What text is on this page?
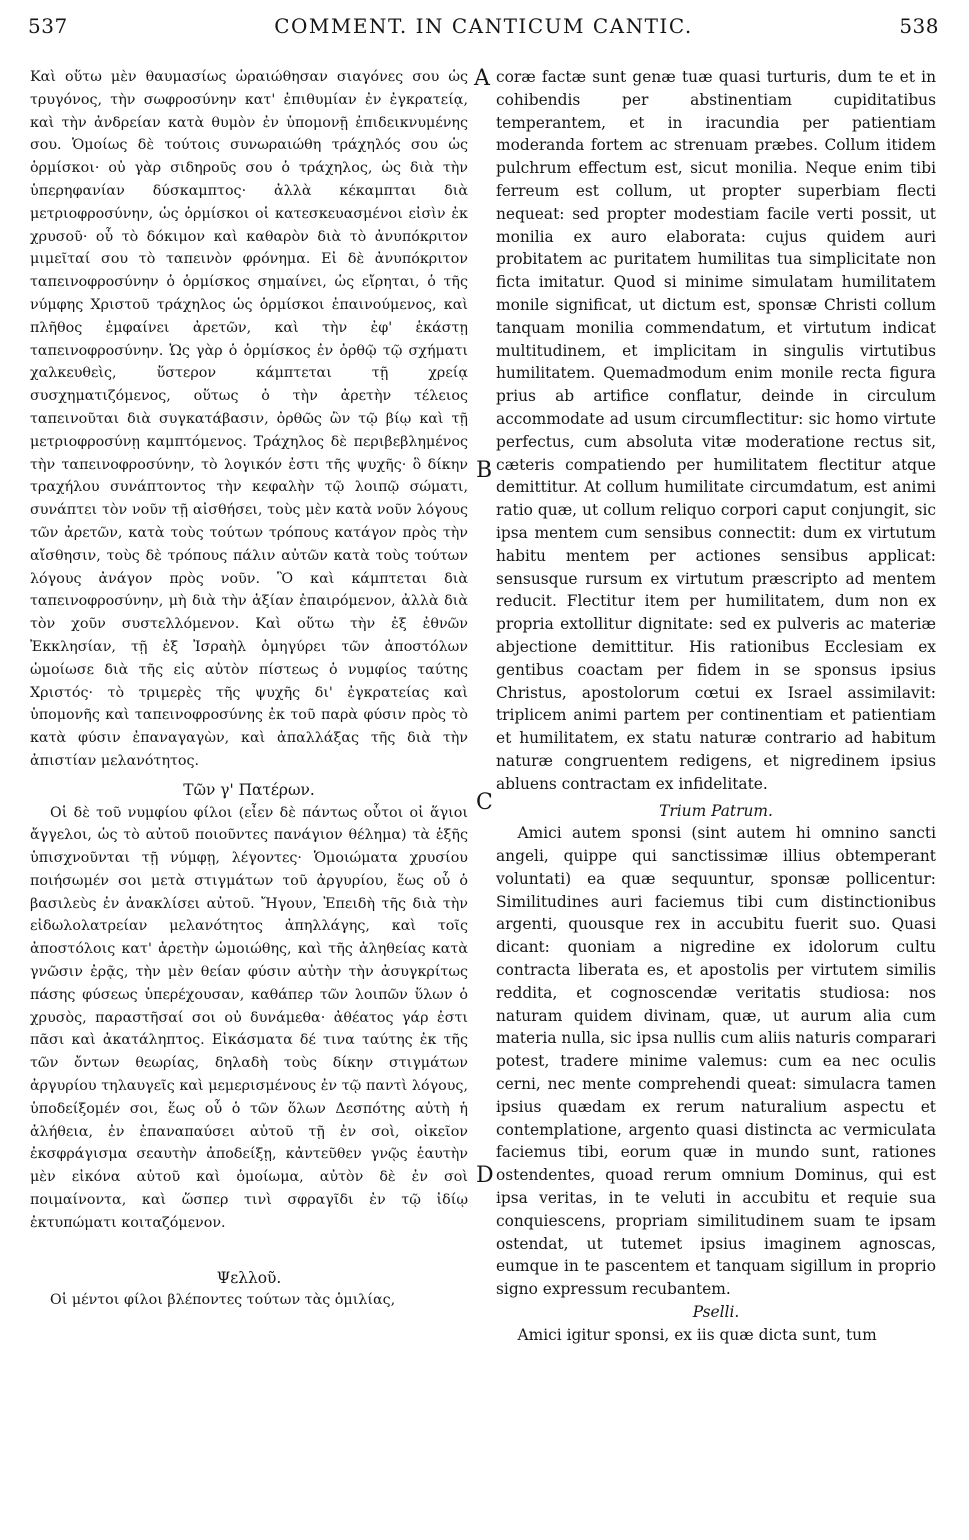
537	COMMENT. IN CANTICUM CANTIC.	538

Καὶ οὕτω μὲν θαυμασίως ὡραιώθησαν σιαγόνες σου ὡς τρυγόνος, τὴν σωφροσύνην κατ' ἐπιθυμίαν ἐν ἐγκρατείᾳ, καὶ τὴν ἀνδρείαν κατὰ θυμὸν ἐν ὑπομονῇ ἐπιδεικνυμένης σου. Ὁμοίως δὲ τούτοις συνωραιώθη τράχηλός σου ὡς ὁρμίσκοι· οὐ γὰρ σιδηροῦς σου ὁ τράχηλος, ὡς διὰ τὴν ὑπερηφανίαν δύσκαμπτος· ἀλλὰ κέκαμπται διὰ μετριοφροσύνην, ὡς ὁρμίσκοι οἱ κατεσκευασμένοι εἰσὶν ἐκ χρυσοῦ· οὗ τὸ δόκιμον καὶ καθαρὸν διὰ τὸ ἀνυπόκριτον μιμεῖταί σου τὸ ταπεινὸν φρόνημα. Εἰ δὲ ἀνυπόκριτον ταπεινοφροσύνην ὁ ὁρμίσκος σημαίνει, ὡς εἴρηται, ὁ τῆς νύμφης Χριστοῦ τράχηλος ὡς ὁρμίσκοι ἐπαινούμενος, καὶ πλῆθος ἐμφαίνει ἀρετῶν, καὶ τὴν ἐφ' ἑκάστῃ ταπεινοφροσύνην. Ὡς γὰρ ὁ ὁρμίσκος ἐν ὀρθῷ τῷ σχήματι χαλκευθεὶς, ὕστερον κάμπτεται τῇ χρείᾳ συσχηματιζόμενος, οὕτως ὁ τὴν ἀρετὴν τέλειος ταπεινοῦται διὰ συγκατάβασιν, ὀρθῶς ὢν τῷ βίῳ καὶ τῇ μετριοφροσύνῃ καμπτόμενος. Τράχηλος δὲ περιβεβλημένος τὴν ταπεινοφροσύνην, τὸ λογικόν ἐστι τῆς ψυχῆς· ὃ δίκην τραχήλου συνάπτοντος τὴν κεφαλὴν τῷ λοιπῷ σώματι, συνάπτει τὸν νοῦν τῇ αἰσθήσει, τοὺς μὲν κατὰ νοῦν λόγους τῶν ἀρετῶν, κατὰ τοὺς τούτων τρόπους κατάγον πρὸς τὴν αἴσθησιν, τοὺς δὲ τρόπους πάλιν αὐτῶν κατὰ τοὺς τούτων λόγους ἀνάγον πρὸς νοῦν. Ὃ καὶ κάμπτεται διὰ ταπεινοφροσύνην, μὴ διὰ τὴν ἀξίαν ἐπαιρόμενον, ἀλλὰ διὰ τὸν χοῦν συστελλόμενον. Καὶ οὕτω τὴν ἐξ ἐθνῶν Ἐκκλησίαν, τῇ ἐξ Ἰσραὴλ ὁμηγύρει τῶν ἀποστόλων ὡμοίωσε διὰ τῆς εἰς αὐτὸν πίστεως ὁ νυμφίος ταύτης Χριστός· τὸ τριμερὲς τῆς ψυχῆς δι' ἐγκρατείας καὶ ὑπομονῆς καὶ ταπεινοφροσύνης ἐκ τοῦ παρὰ φύσιν πρὸς τὸ κατὰ φύσιν ἐπαναγαγὼν, καὶ ἀπαλλάξας τῆς διὰ τὴν ἀπιστίαν μελανότητος.

Τῶν γ' Πατέρων.

Οἱ δὲ τοῦ νυμφίου φίλοι (εἶεν δὲ πάντως οὗτοι οἱ ἅγιοι ἄγγελοι, ὡς τὸ αὐτοῦ ποιοῦντες πανάγιον θέλημα) τὰ ἑξῆς ὑπισχνοῦνται τῇ νύμφῃ, λέγοντες· Ὁμοιώματα χρυσίου ποιήσωμέν σοι μετὰ στιγμάτων τοῦ ἀργυρίου, ἕως οὗ ὁ βασιλεὺς ἐν ἀνακλίσει αὐτοῦ. Ἤγουν, Ἐπειδὴ τῆς διὰ τὴν εἰδωλολατρείαν μελανότητος ἀπηλλάγης, καὶ τοῖς ἀποστόλοις κατ' ἀρετὴν ὡμοιώθης, καὶ τῆς ἀληθείας κατὰ γνῶσιν ἐρᾷς, τὴν μὲν θείαν φύσιν αὐτὴν τὴν ἀσυγκρίτως πάσης φύσεως ὑπερέχουσαν, καθάπερ τῶν λοιπῶν ὕλων ὁ χρυσὸς, παραστῆσαί σοι οὐ δυνάμεθα· ἀθέατος γάρ ἐστι πᾶσι καὶ ἀκατάληπτος. Εἰκάσματα δέ τινα ταύτης ἐκ τῆς τῶν ὄντων θεωρίας, δηλαδὴ τοὺς δίκην στιγμάτων ἀργυρίου τηλαυγεῖς καὶ μεμερισμένους ἐν τῷ παντὶ λόγους, ὑποδείξομέν σοι, ἕως οὗ ὁ τῶν ὅλων Δεσπότης αὐτὴ ἡ ἀλήθεια, ἐν ἐπαναπαύσει αὐτοῦ τῇ ἐν σοὶ, οἰκεῖον ἐκσφράγισμα σεαυτὴν ἀποδείξῃ, κἀντεῦθεν γνῷς ἑαυτὴν μὲν εἰκόνα αὐτοῦ καὶ ὁμοίωμα, αὐτὸν δὲ ἐν σοὶ ποιμαίνοντα, καὶ ὥσπερ τινὶ σφραγῖδι ἐν τῷ ἰδίῳ ἐκτυπώματι κοιταζόμενον.

Ψελλοῦ.

Οἱ μέντοι φίλοι βλέποντες τούτων τὰς ὁμιλίας,

A
B
C
D

coræ factæ sunt genæ tuæ quasi turturis, dum te et in cohibendis per abstinentiam cupiditatibus temperantem, et in iracundia per patientiam moderanda fortem ac strenuam præbes. Collum itidem pulchrum effectum est, sicut monilia. Neque enim tibi ferreum est collum, ut propter superbiam flecti nequeat: sed propter modestiam facile verti possit, ut monilia ex auro elaborata: cujus quidem auri probitatem ac puritatem humilitas tua simplicitate non ficta imitatur. Quod si minime simulatam humilitatem monile significat, ut dictum est, sponsæ Christi collum tanquam monilia commendatum, et virtutum indicat multitudinem, et implicitam in singulis virtutibus humilitatem. Quemadmodum enim monile recta figura prius ab artifice conflatur, deinde in circulum accommodate ad usum circumflectitur: sic homo virtute perfectus, cum absoluta vitæ moderatione rectus sit, cæteris compatiendo per humilitatem flectitur atque demittitur. At collum humilitate circumdatum, est animi ratio quæ, ut collum reliquo corpori caput conjungit, sic ipsa mentem cum sensibus connectit: dum ex virtutum habitu mentem per actiones sensibus applicat: sensusque rursum ex virtutum præscripto ad mentem reducit. Flectitur item per humilitatem, dum non ex propria extollitur dignitate: sed ex pulveris ac materiæ abjectione demittitur. His rationibus Ecclesiam ex gentibus coactam per fidem in se sponsus ipsius Christus, apostolorum cœtui ex Israel assimilavit: triplicem animi partem per continentiam et patientiam et humilitatem, ex statu naturæ contrario ad habitum naturæ congruentem redigens, et nigredinem ipsius abluens contractam ex infidelitate.

Trium Patrum.

Amici autem sponsi (sint autem hi omnino sancti angeli, quippe qui sanctissimæ illius obtemperant voluntati) ea quæ sequuntur, sponsæ pollicentur: Similitudines auri faciemus tibi cum distinctionibus argenti, quousque rex in accubitu fuerit suo. Quasi dicant: quoniam a nigredine ex idolorum cultu contracta liberata es, et apostolis per virtutem similis reddita, et cognoscendæ veritatis studiosa: nos naturam quidem divinam, quæ, ut aurum alia cum materia nulla, sic ipsa nullis cum aliis naturis comparari potest, tradere minime valemus: cum ea nec oculis cerni, nec mente comprehendi queat: simulacra tamen ipsius quædam ex rerum naturalium aspectu et contemplatione, argento quasi distincta ac vermiculata faciemus tibi, eorum quæ in mundo sunt, rationes ostendentes, quoad rerum omnium Dominus, qui est ipsa veritas, in te veluti in accubitu et requie sua conquiescens, propriam similitudinem suam te ipsam ostendat, ut tutemet ipsius imaginem agnoscas, eumque in te pascentem et tanquam sigillum in proprio signo expressum recubantem.

Pselli.

Amici igitur sponsi, ex iis quæ dicta sunt, tum
